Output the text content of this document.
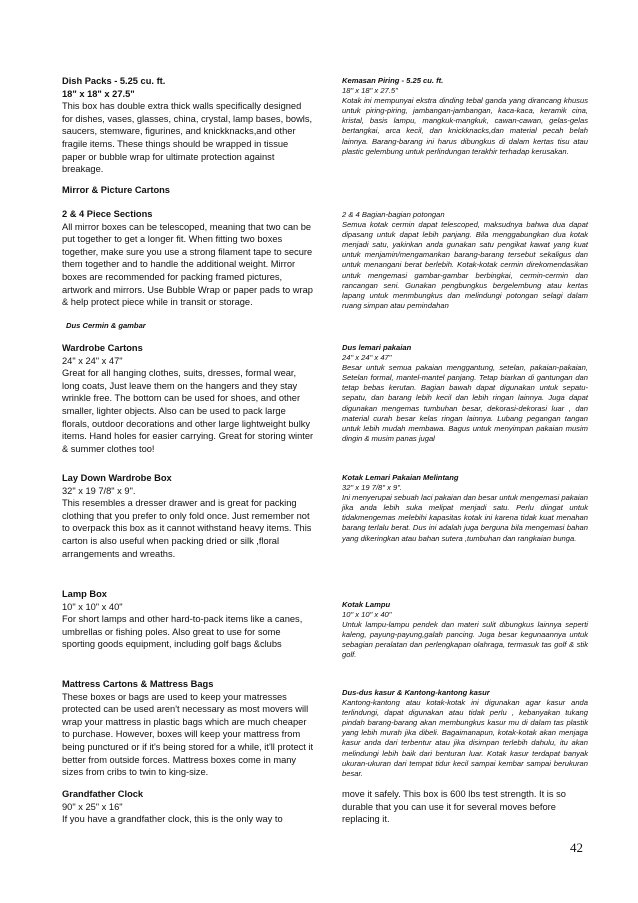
Dish Packs - 5.25 cu. ft.
18" x 18" x 27.5"
This box has double extra thick walls specifically designed for dishes, vases, glasses, china, crystal, lamp bases, bowls, saucers, stemware, figurines, and knickknacks,and other fragile items. These things should be wrapped in tissue paper or bubble wrap for ultimate protection against breakage.
Mirror & Picture Cartons
2 & 4 Piece Sections
All mirror boxes can be telescoped, meaning that two can be put together to get a longer fit. When fitting two boxes together, make sure you use a strong filament tape to secure them together and to handle the additional weight. Mirror boxes are recommended for packing framed pictures, artwork and mirrors. Use Bubble Wrap or paper pads to wrap & help protect piece while in transit or storage.
Dus Cermin & gambar
Wardrobe Cartons
24" x 24" x 47"
Great for all hanging clothes, suits, dresses, formal wear, long coats, Just leave them on the hangers and they stay wrinkle free. The bottom can be used for shoes, and other smaller, lighter objects. Also can be used to pack large florals, outdoor decorations and other large lightweight bulky items. Hand holes for easier carrying. Great for storing winter & summer clothes too!
Lay Down Wardrobe Box
32" x 19 7/8" x 9".
This resembles a dresser drawer and is great for packing clothing that you prefer to only fold once. Just remember not to overpack this box as it cannot withstand heavy items. This carton is also useful when packing dried or silk ,floral arrangements and wreaths.
Lamp Box
10" x 10" x 40"
For short lamps and other hard-to-pack items like a canes, umbrellas or fishing poles. Also great to use for some sporting goods equipment, including golf bags &clubs
Mattress Cartons & Mattress Bags
These boxes or bags are used to keep your matresses protected can be used aren't necessary as most movers will wrap your mattress in plastic bags which are much cheaper to purchase. However, boxes will keep your mattress from being punctured or if it's being stored for a while, it'll protect it better from outside forces. Mattress boxes come in many sizes from cribs to twin to king-size.
Grandfather Clock
90" x 25" x 16"
If you have a grandfather clock, this is the only way to
Kemasan Piring - 5.25 cu. ft.
18" x 18" x 27.5"
Kotak ini mempunyai ekstra dinding tebal ganda yang dirancang khusus untuk piring-piring, jambangan-jambangan, kaca-kaca, keramik cina, kristal, basis lampu, mangkuk-mangkuk, cawan-cawan, gelas-gelas bertangkai, arca kecil, dan knickknacks,dan material pecah belah lainnya. Barang-barang ini harus dibungkus di dalam kertas tisu atau plastic gelembung untuk perlindungan terakhir terhadap kerusakan.
2 & 4 Bagian-bagian potongan
Semua kotak cermin dapat telescoped, maksudnya bahwa dua dapat dipasang untuk dapat lebih panjang. Bila menggabungkan dua kotak menjadi satu, yakinkan anda gunakan satu pengikat kawat yang kuat untuk menjamin/mengamankan barang-barang tersebut sekaligus dan untuk menangani berat berlebih. Kotak-kotak cermin direkomendasikan untuk mengemasi gambar-gambar berbingkai, cermin-cermin dan rancangan seni. Gunakan pengbungkus bergelembung atau kertas lapang untuk menmbungkus dan melindungi potongan selagi dalam ruang simpan atau pemindahan
Dus lemari pakaian
24" x 24" x 47"
Besar untuk semua pakaian menggantung, setelan, pakaian-pakaian, Setelan formal, mantel-mantel panjang. Tetap biarkan di gantungan dan tetap bebas kerutan. Bagian bawah dapat digunakan untuk sepatu-sepatu, dan barang lebih kecil dan lebih ringan lainnya. Juga dapat digunakan mengemas tumbuhan besar, dekorasi-dekorasi luar , dan material curah besar kelas ringan lainnya. Lubang pegangan tangan untuk lebih mudah membawa. Bagus untuk menyimpan pakaian musim dingin & musim panas jugal
Kotak Lemari Pakaian Melintang
32" x 19 7/8" x 9".
Ini menyerupai sebuah laci pakaian dan besar untuk mengemasi pakaian jika anda lebih suka melipat menjadi satu. Perlu diingat untuk tidakmengemas melebihi kapasitas kotak ini karena tidak kuat menahan barang terlalu berat. Dus ini adalah juga berguna bila mengemasi bahan yang dikeringkan atau bahan sutera ,tumbuhan dan rangkaian bunga.
Kotak Lampu
10" x 10" x 40"
Untuk lampu-lampu pendek dan materi sulit dibungkus lainnya seperti kaleng, payung-payung,galah pancing. Juga besar kegunaannya untuk sebagian peralatan dan perlengkapan olahraga, termasuk tas golf & stik golf.
Dus-dus kasur & Kantong-kantong kasur
Kantong-kantong atau kotak-kotak ini digunakan agar kasur anda terlindungi, dapat digunakan atau tidak perlu , kebanyakan tukang pindah barang-barang akan membungkus kasur mu di dalam tas plastik yang lebih murah jika dibeli. Bagaimanapun, kotak-kotak akan menjaga kasur anda dari terbentur atau jika disimpan terlebih dahulu, itu akan melindungi lebih baik dari benturan luar. Kotak kasur terdapat banyak ukuran-ukuran dari tempat tidur kecil sampai kembar sampai berukuran besar.
move it safely. This box is 600 lbs test strength. It is so durable that you can use it for several moves before replacing it.
42
